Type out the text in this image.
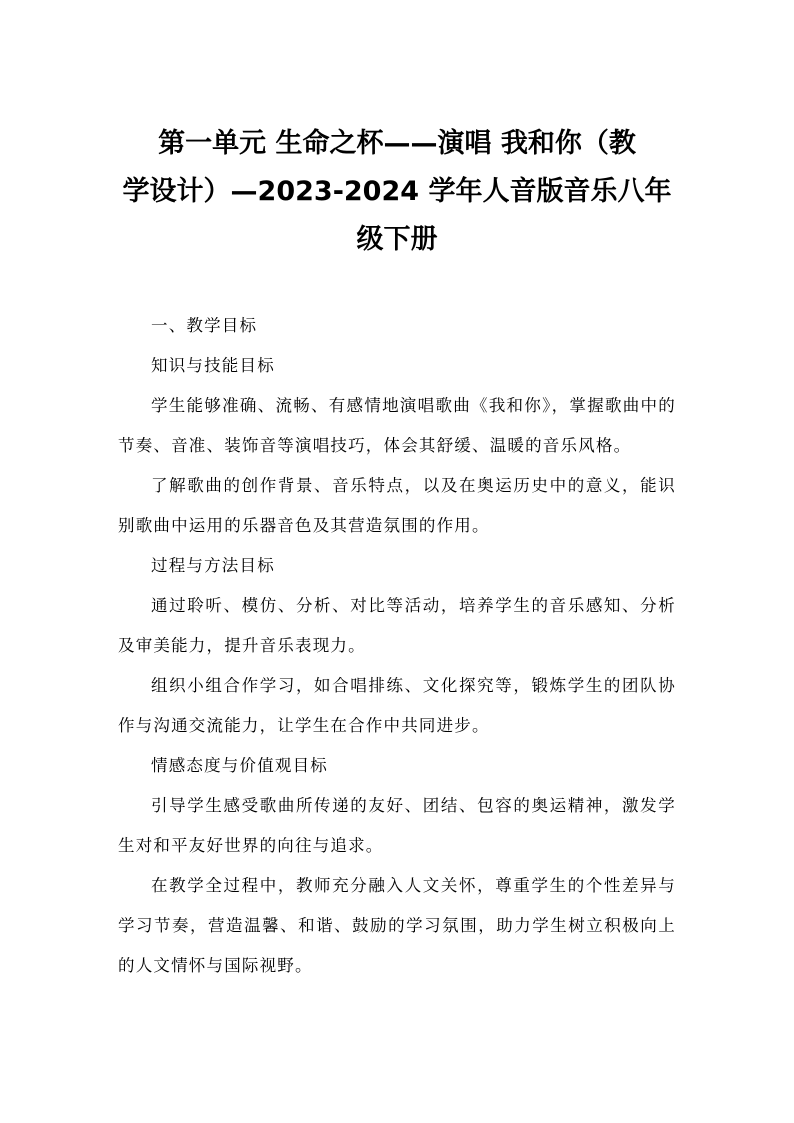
第一单元 生命之杯——演唱 我和你（教
学设计）—2023-2024 学年人音版音乐八年
级下册

一、教学目标

知识与技能目标

学生能够准确、流畅、有感情地演唱歌曲《我和你》，掌握歌曲中的节奏、音准、装饰音等演唱技巧，体会其舒缓、温暖的音乐风格。

了解歌曲的创作背景、音乐特点，以及在奥运历史中的意义，能识别歌曲中运用的乐器音色及其营造氛围的作用。

过程与方法目标

通过聆听、模仿、分析、对比等活动，培养学生的音乐感知、分析及审美能力，提升音乐表现力。

组织小组合作学习，如合唱排练、文化探究等，锻炼学生的团队协作与沟通交流能力，让学生在合作中共同进步。

情感态度与价值观目标

引导学生感受歌曲所传递的友好、团结、包容的奥运精神，激发学生对和平友好世界的向往与追求。

在教学全过程中，教师充分融入人文关怀，尊重学生的个性差异与学习节奏，营造温馨、和谐、鼓励的学习氛围，助力学生树立积极向上的人文情怀与国际视野。
